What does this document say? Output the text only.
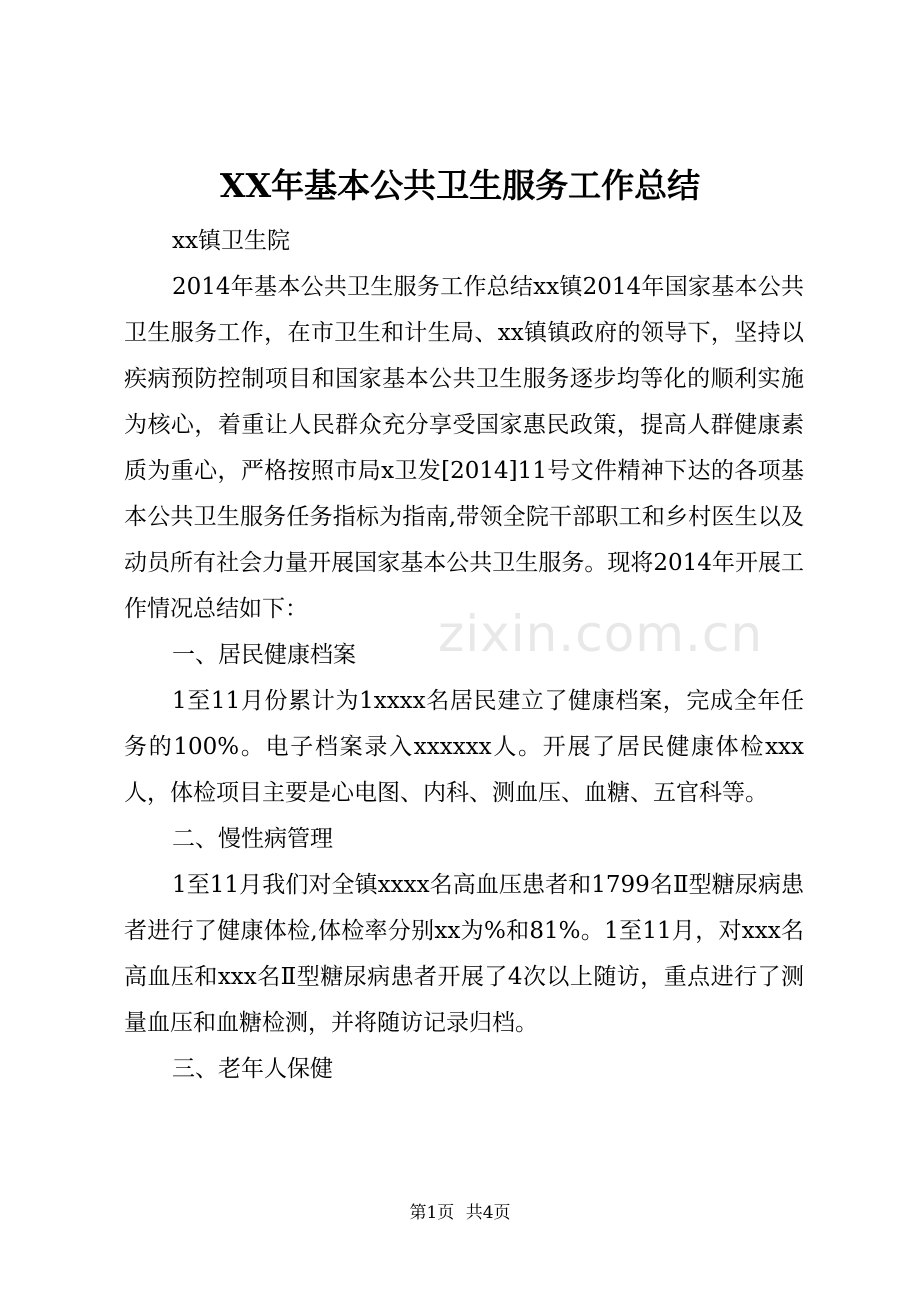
XX年基本公共卫生服务工作总结

xx镇卫生院

2014年基本公共卫生服务工作总结xx镇2014年国家基本公共卫生服务工作，在市卫生和计生局、xx镇镇政府的领导下，坚持以疾病预防控制项目和国家基本公共卫生服务逐步均等化的顺利实施为核心，着重让人民群众充分享受国家惠民政策，提高人群健康素质为重心，严格按照市局x卫发[2014]11号文件精神下达的各项基本公共卫生服务任务指标为指南,带领全院干部职工和乡村医生以及动员所有社会力量开展国家基本公共卫生服务。现将2014年开展工作情况总结如下：

一、居民健康档案

1至11月份累计为1xxxx名居民建立了健康档案，完成全年任务的100%。电子档案录入xxxxxx人。开展了居民健康体检xxx人，体检项目主要是心电图、内科、测血压、血糖、五官科等。

二、慢性病管理

1至11月我们对全镇xxxx名高血压患者和1799名Ⅱ型糖尿病患者进行了健康体检,体检率分别xx为%和81%。1至11月，对xxx名高血压和xxx名Ⅱ型糖尿病患者开展了4次以上随访，重点进行了测量血压和血糖检测，并将随访记录归档。

三、老年人保健

zixin.com.cn
第1页 共4页
